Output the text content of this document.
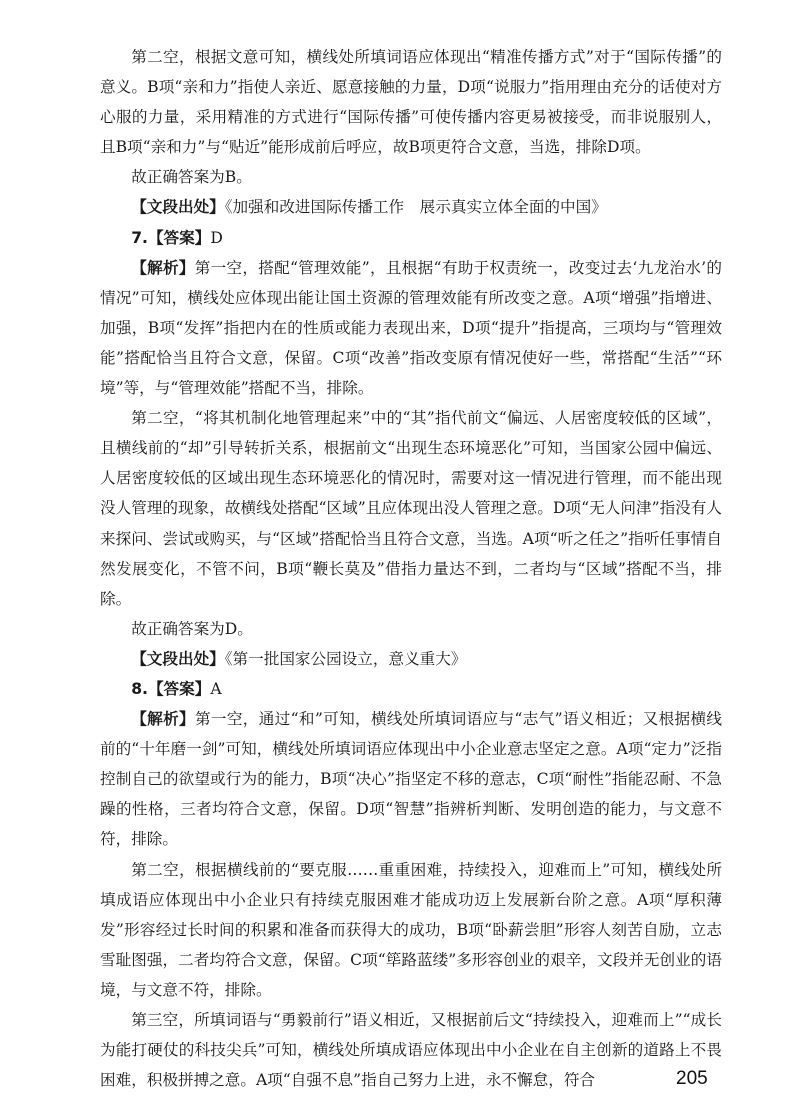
第二空，根据文意可知，横线处所填词语应体现出“精准传播方式”对于“国际传播”的意义。B项“亲和力”指使人亲近、愿意接触的力量，D项“说服力”指用理由充分的话使对方心服的力量，采用精准的方式进行“国际传播”可使传播内容更易被接受，而非说服别人，且B项“亲和力”与“贴近”能形成前后呼应，故B项更符合文意，当选，排除D项。

故正确答案为B。

【文段出处】《加强和改进国际传播工作　展示真实立体全面的中国》

7.【答案】D

【解析】第一空，搭配“管理效能”，且根据“有助于权责统一，改变过去‘九龙治水’的情况”可知，横线处应体现出能让国土资源的管理效能有所改变之意。A项“增强”指增进、加强，B项“发挥”指把内在的性质或能力表现出来，D项“提升”指提高，三项均与“管理效能”搭配恰当且符合文意，保留。C项“改善”指改变原有情况使好一些，常搭配“生活”“环境”等，与“管理效能”搭配不当，排除。

第二空，“将其机制化地管理起来”中的“其”指代前文“偏远、人居密度较低的区域”，且横线前的“却”引导转折关系，根据前文“出现生态环境恶化”可知，当国家公园中偏远、人居密度较低的区域出现生态环境恶化的情况时，需要对这一情况进行管理，而不能出现没人管理的现象，故横线处搭配“区域”且应体现出没人管理之意。D项“无人问津”指没有人来探问、尝试或购买，与“区域”搭配恰当且符合文意，当选。A项“听之任之”指听任事情自然发展变化，不管不问，B项“鞭长莫及”借指力量达不到，二者均与“区域”搭配不当，排除。

故正确答案为D。

【文段出处】《第一批国家公园设立，意义重大》

8.【答案】A

【解析】第一空，通过“和”可知，横线处所填词语应与“志气”语义相近；又根据横线前的“十年磨一剑”可知，横线处所填词语应体现出中小企业意志坚定之意。A项“定力”泛指控制自己的欲望或行为的能力，B项“决心”指坚定不移的意志，C项“耐性”指能忍耐、不急躁的性格，三者均符合文意，保留。D项“智慧”指辨析判断、发明创造的能力，与文意不符，排除。

第二空，根据横线前的“要克服……重重困难，持续投入，迎难而上”可知，横线处所填成语应体现出中小企业只有持续克服困难才能成功迈上发展新台阶之意。A项“厚积薄发”形容经过长时间的积累和准备而获得大的成功，B项“卧薪尝胆”形容人刻苦自励，立志雪耻图强，二者均符合文意，保留。C项“筚路蓝缕”多形容创业的艰辛，文段并无创业的语境，与文意不符，排除。

第三空，所填词语与“勇毅前行”语义相近，又根据前后文“持续投入，迎难而上”“成长为能打硬仗的科技尖兵”可知，横线处所填成语应体现出中小企业在自主创新的道路上不畏困难，积极拼搏之意。A项“自强不息”指自己努力上进，永不懈怠，符合	205
